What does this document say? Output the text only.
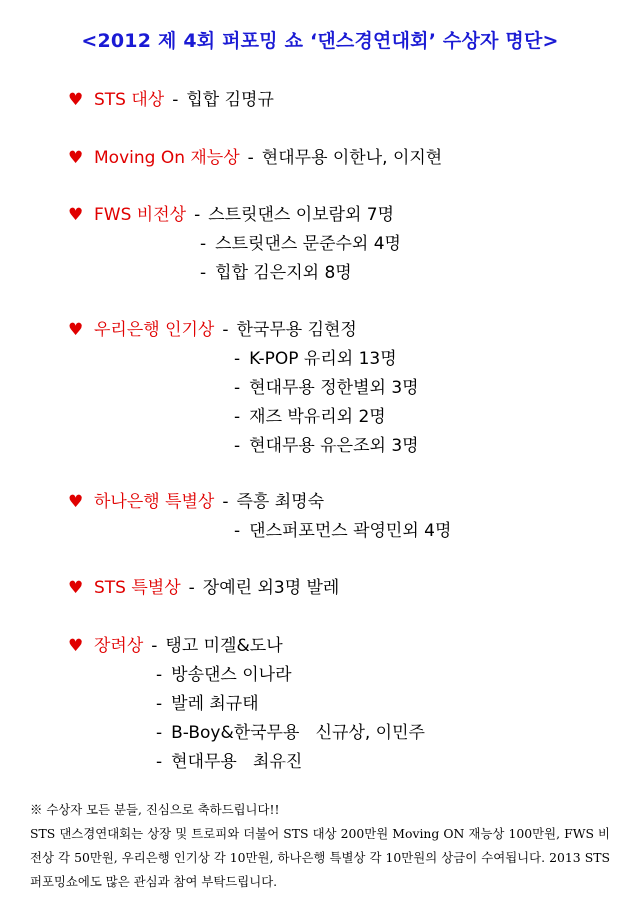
<2012 제 4회 퍼포밍 쇼 ‘댄스경연대회’ 수상자 명단>
♥ STS 대상 - 힙합 김명규
♥ Moving On 재능상 - 현대무용 이한나, 이지현
♥ FWS 비전상 - 스트릿댄스 이보람외 7명
- 스트릿댄스 문준수외 4명
- 힙합 김은지외 8명
♥ 우리은행 인기상 - 한국무용 김현정
- K-POP 유리외 13명
- 현대무용 정한별외 3명
- 재즈 박유리외 2명
- 현대무용 유은조외 3명
♥ 하나은행 특별상 - 즉흥 최명숙
- 댄스퍼포먼스 곽영민외 4명
♥ STS 특별상 - 장예린 외3명 발레
♥ 장려상 - 탱고 미겔&도나
- 방송댄스 이나라
- 발레 최규태
- B-Boy&한국무용   신규상, 이민주
- 현대무용   최유진

※ 수상자 모든 분들, 진심으로 축하드립니다!!

STS 댄스경연대회는 상장 및 트로피와 더불어 STS 대상 200만원 Moving ON 재능상 100만원, FWS 비전상 각 50만원, 우리은행 인기상 각 10만원, 하나은행 특별상 각 10만원의 상금이 수여됩니다. 2013 STS 퍼포밍쇼에도 많은 관심과 참여 부탁드립니다.
